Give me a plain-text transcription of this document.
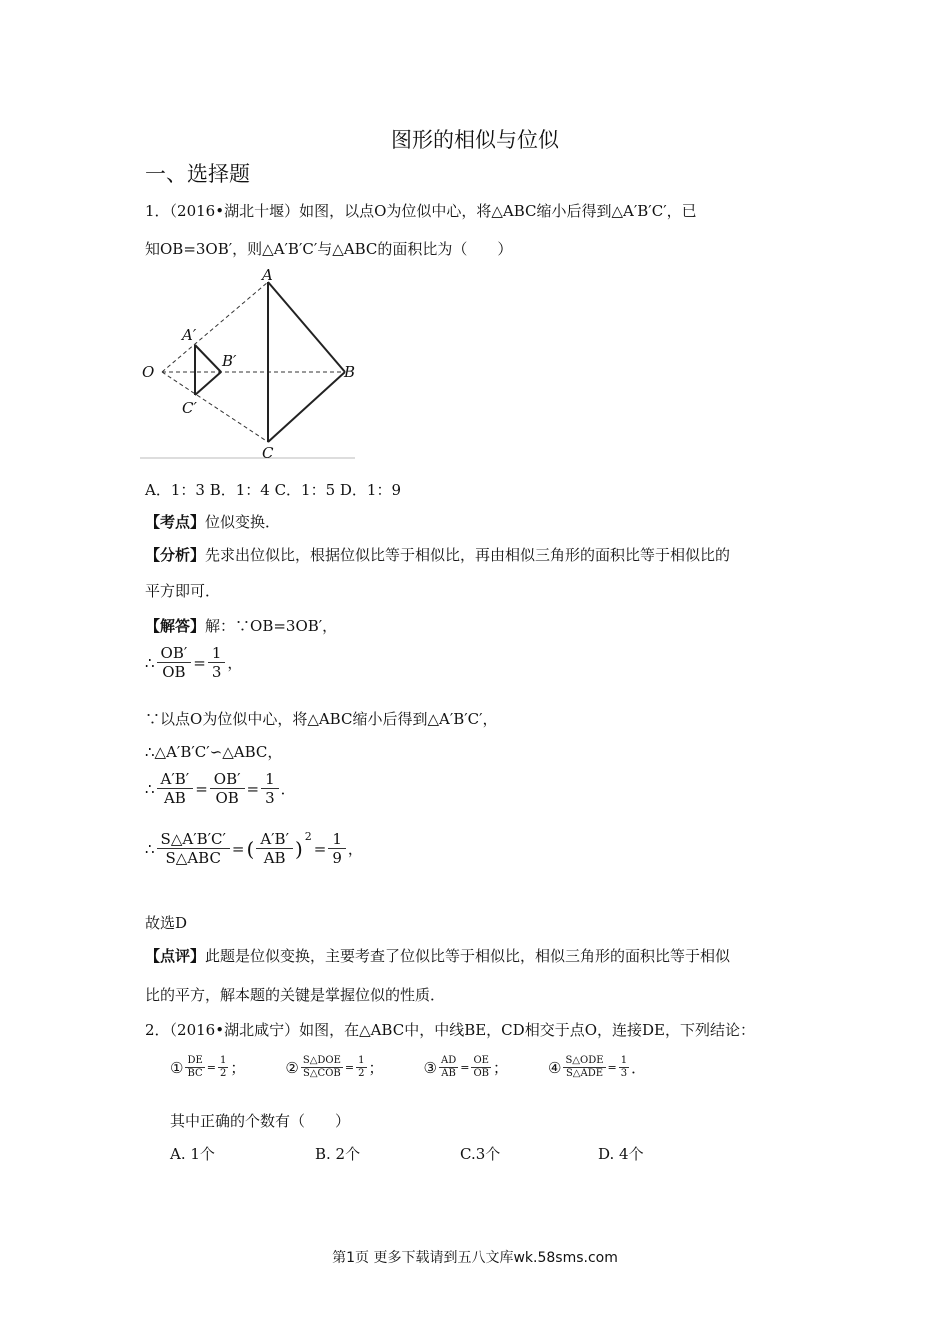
图形的相似与位似
一、选择题
1．（2016•湖北十堰）如图，以点O为位似中心，将△ABC缩小后得到△A′B′C′，已
知OB=3OB′，则△A′B′C′与△ABC的面积比为（　　）
A
A′
B′
O	B
C′
C
A．1：3 B．1：4 C．1：5 D．1：9
【考点】位似变换．
【分析】先求出位似比，根据位似比等于相似比，再由相似三角形的面积比等于相似比的
平方即可．
【解答】解：∵OB=3OB′，
∴ $\frac{OB'}{OB} = \frac{1}{3}$ ，
∵以点O为位似中心，将△ABC缩小后得到△A′B′C′，
∴△A′B′C′∽△ABC，
∴ $\frac{A'B'}{AB} = \frac{OB'}{OB} = \frac{1}{3}$ ．
∴ $\frac{S\triangle A'B'C'}{\text{S△ABC}}$ = ( $\frac{A'B'}{AB} )^2$
= $\frac{1}{9}$ ，
故选D
【点评】此题是位似变换，主要考查了位似比等于相似比，相似三角形的面积比等于相似
比的平方，解本题的关键是掌握位似的性质．
2．（2016•湖北咸宁）如图，在△ABC中，中线BE，CD相交于点O，连接DE，下列结论：
① $\frac{DE}{BC} = \frac{1}{2}$ ；	② $\frac{\text{S△DOE}}{\text{S△COB}} = \frac{1}{2}$ ；	③ $\frac{AD}{AB} = \frac{OE}{OB}$ ；	④ $\frac{\text{S△ODE}}{\text{S△ADE}} = \frac{1}{3}$ ．
其中正确的个数有（　　）
A. 1个	B. 2个	C.3个	D. 4个
第1页 更多下载请到五八文库wk.58sms.com
